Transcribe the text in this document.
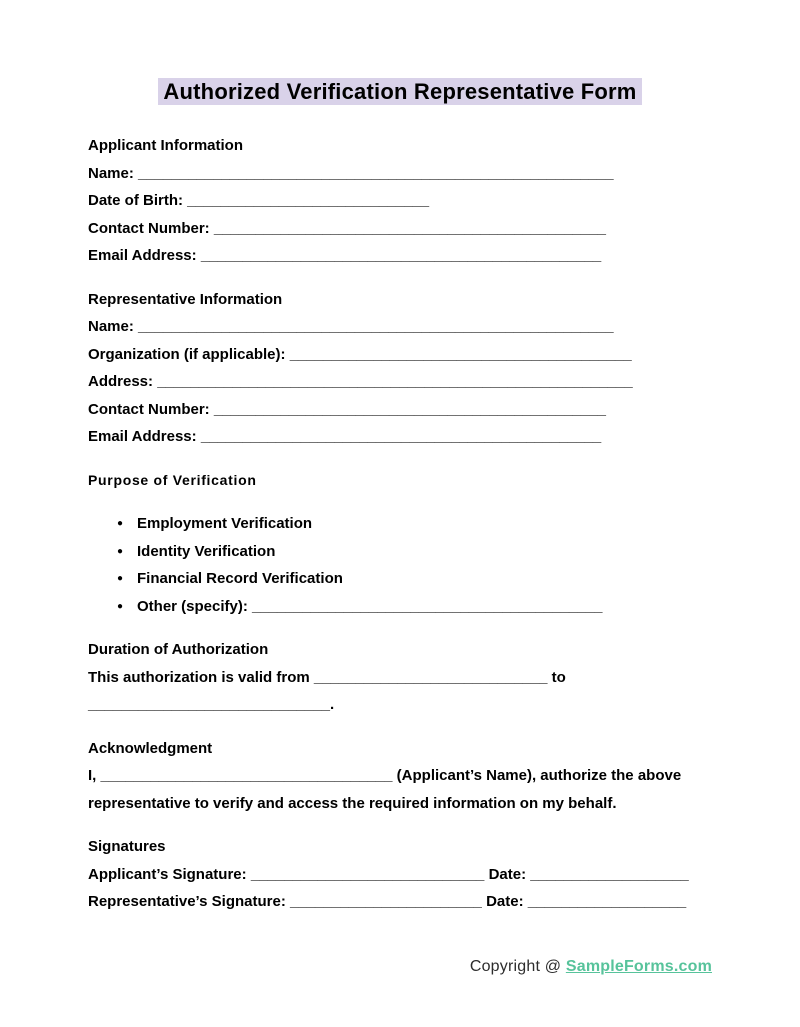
Authorized Verification Representative Form
Applicant Information

Name: _________________________________________________________

Date of Birth: _____________________________

Contact Number: _______________________________________________

Email Address: ________________________________________________

Representative Information

Name: _________________________________________________________

Organization (if applicable): _________________________________________

Address: _________________________________________________________

Contact Number: _______________________________________________

Email Address: ________________________________________________

Purpose of Verification
● Employment Verification
● Identity Verification
● Financial Record Verification
● Other (specify): __________________________________________
Duration of Authorization

This authorization is valid from ____________________________ to

_____________________________.

Acknowledgment

I, ___________________________________ (Applicant’s Name), authorize the above

representative to verify and access the required information on my behalf.

Signatures

Applicant’s Signature: ____________________________ Date: ___________________

Representative’s Signature: _______________________ Date: ___________________

Copyright @ SampleForms.com
